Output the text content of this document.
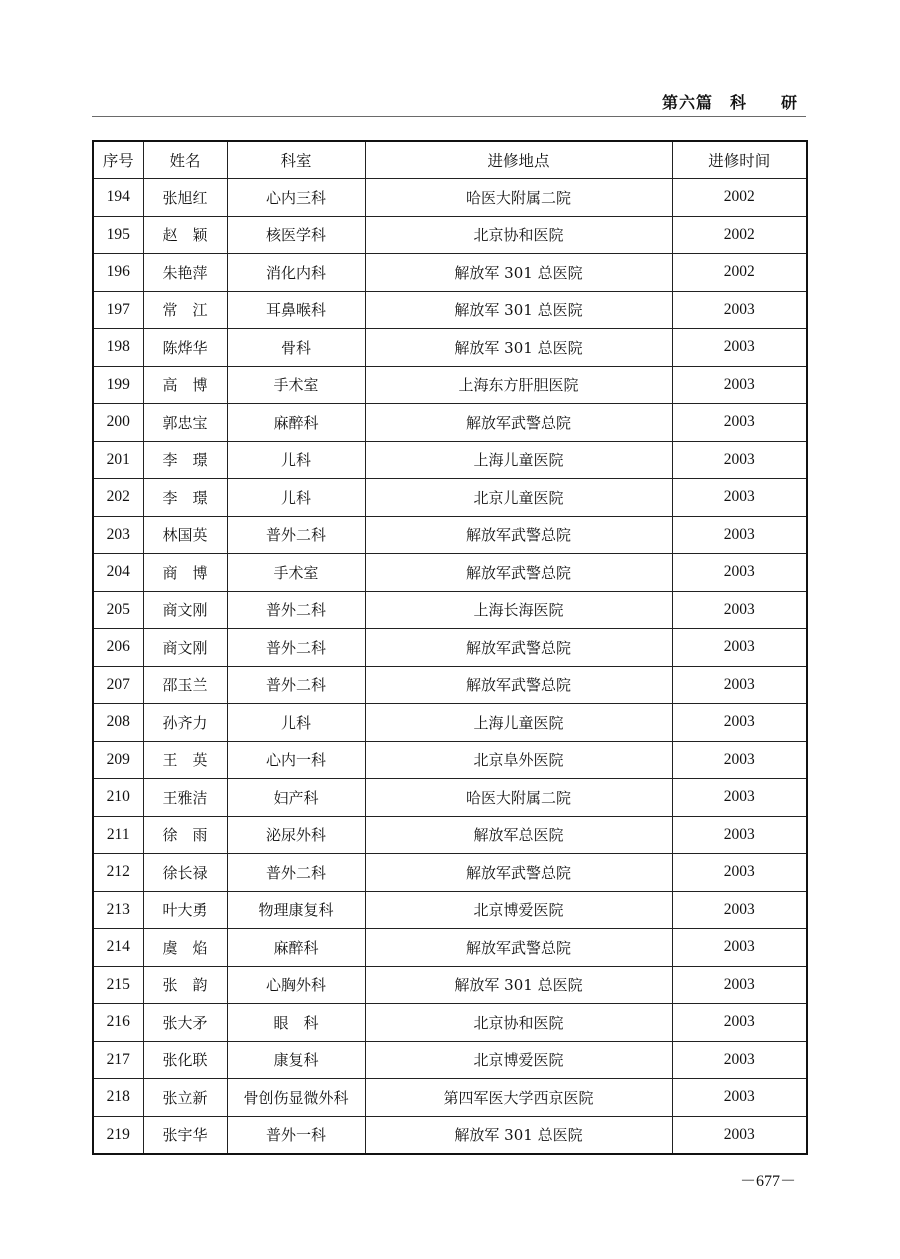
第六篇　科　　研
序号	姓名	科室	进修地点	进修时间
194	张旭红	心内三科	哈医大附属二院	2002
195	赵　颖	核医学科	北京协和医院	2002
196	朱艳萍	消化内科	解放军 301 总医院	2002
197	常　江	耳鼻喉科	解放军 301 总医院	2003
198	陈烨华	骨科	解放军 301 总医院	2003
199	高　博	手术室	上海东方肝胆医院	2003
200	郭忠宝	麻醉科	解放军武警总院	2003
201	李　璟	儿科	上海儿童医院	2003
202	李　璟	儿科	北京儿童医院	2003
203	林国英	普外二科	解放军武警总院	2003
204	商　博	手术室	解放军武警总院	2003
205	商文刚	普外二科	上海长海医院	2003
206	商文刚	普外二科	解放军武警总院	2003
207	邵玉兰	普外二科	解放军武警总院	2003
208	孙齐力	儿科	上海儿童医院	2003
209	王　英	心内一科	北京阜外医院	2003
210	王雅洁	妇产科	哈医大附属二院	2003
211	徐　雨	泌尿外科	解放军总医院	2003
212	徐长禄	普外二科	解放军武警总院	2003
213	叶大勇	物理康复科	北京博爱医院	2003
214	虞　焰	麻醉科	解放军武警总院	2003
215	张　韵	心胸外科	解放军 301 总医院	2003
216	张大矛	眼　科	北京协和医院	2003
217	张化联	康复科	北京博爱医院	2003
218	张立新	骨创伤显微外科	第四军医大学西京医院	2003
219	张宇华	普外一科	解放军 301 总医院	2003
－677－
